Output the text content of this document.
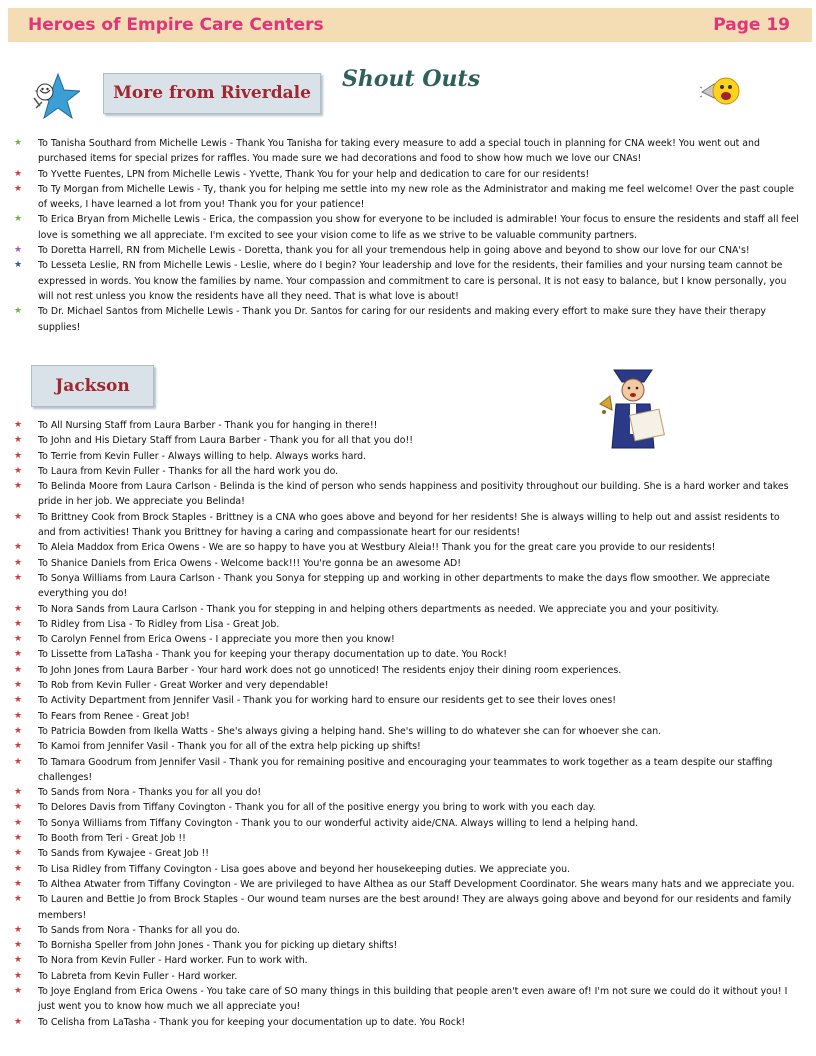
Heroes of Empire Care Centers	Page 19
More from Riverdale
Shout Outs
★ To Tanisha Southard from Michelle Lewis - Thank You Tanisha for taking every measure to add a special touch in planning for CNA week! You went out and purchased items for special prizes for raffles. You made sure we had decorations and food to show how much we love our CNAs!
★ To Yvette Fuentes, LPN from Michelle Lewis - Yvette, Thank You for your help and dedication to care for our residents!
★ To Ty Morgan from Michelle Lewis - Ty, thank you for helping me settle into my new role as the Administrator and making me feel welcome! Over the past couple of weeks, I have learned a lot from you! Thank you for your patience!
★ To Erica Bryan from Michelle Lewis - Erica, the compassion you show for everyone to be included is admirable! Your focus to ensure the residents and staff all feel love is something we all appreciate. I'm excited to see your vision come to life as we strive to be valuable community partners.
★ To Doretta Harrell, RN from Michelle Lewis - Doretta, thank you for all your tremendous help in going above and beyond to show our love for our CNA's!
★ To Lesseta Leslie, RN from Michelle Lewis - Leslie, where do I begin? Your leadership and love for the residents, their families and your nursing team cannot be expressed in words. You know the families by name. Your compassion and commitment to care is personal. It is not easy to balance, but I know personally, you will not rest unless you know the residents have all they need. That is what love is about!
★ To Dr. Michael Santos from Michelle Lewis - Thank you Dr. Santos for caring for our residents and making every effort to make sure they have their therapy supplies!
Jackson
★ To All Nursing Staff from Laura Barber - Thank you for hanging in there!!
★ To John and His Dietary Staff from Laura Barber - Thank you for all that you do!!
★ To Terrie from Kevin Fuller - Always willing to help. Always works hard.
★ To Laura from Kevin Fuller - Thanks for all the hard work you do.
★ To Belinda Moore from Laura Carlson - Belinda is the kind of person who sends happiness and positivity throughout our building. She is a hard worker and takes pride in her job. We appreciate you Belinda!
★ To Brittney Cook from Brock Staples - Brittney is a CNA who goes above and beyond for her residents! She is always willing to help out and assist residents to and from activities! Thank you Brittney for having a caring and compassionate heart for our residents!
★ To Aleia Maddox from Erica Owens - We are so happy to have you at Westbury Aleia!! Thank you for the great care you provide to our residents!
★ To Shanice Daniels from Erica Owens - Welcome back!!! You're gonna be an awesome AD!
★ To Sonya Williams from Laura Carlson - Thank you Sonya for stepping up and working in other departments to make the days flow smoother. We appreciate everything you do!
★ To Nora Sands from Laura Carlson - Thank you for stepping in and helping others departments as needed. We appreciate you and your positivity.
★ To Ridley from Lisa - To Ridley from Lisa - Great Job.
★ To Carolyn Fennel from Erica Owens - I appreciate you more then you know!
★ To Lissette from LaTasha - Thank you for keeping your therapy documentation up to date. You Rock!
★ To John Jones from Laura Barber - Your hard work does not go unnoticed! The residents enjoy their dining room experiences.
★ To Rob from Kevin Fuller - Great Worker and very dependable!
★ To Activity Department from Jennifer Vasil - Thank you for working hard to ensure our residents get to see their loves ones!
★ To Fears from Renee - Great Job!
★ To Patricia Bowden from Ikella Watts - She's always giving a helping hand. She's willing to do whatever she can for whoever she can.
★ To Kamoi from Jennifer Vasil - Thank you for all of the extra help picking up shifts!
★ To Tamara Goodrum from Jennifer Vasil - Thank you for remaining positive and encouraging your teammates to work together as a team despite our staffing challenges!
★ To Sands from Nora - Thanks you for all you do!
★ To Delores Davis from Tiffany Covington - Thank you for all of the positive energy you bring to work with you each day.
★ To Sonya Williams from Tiffany Covington - Thank you to our wonderful activity aide/CNA. Always willing to lend a helping hand.
★ To Booth from Teri - Great Job !!
★ To Sands from Kywajee - Great Job !!
★ To Lisa Ridley from Tiffany Covington - Lisa goes above and beyond her housekeeping duties. We appreciate you.
★ To Althea Atwater from Tiffany Covington - We are privileged to have Althea as our Staff Development Coordinator. She wears many hats and we appreciate you.
★ To Lauren and Bettie Jo from Brock Staples - Our wound team nurses are the best around! They are always going above and beyond for our residents and family members!
★ To Sands from Nora - Thanks for all you do.
★ To Bornisha Speller from John Jones - Thank you for picking up dietary shifts!
★ To Nora from Kevin Fuller - Hard worker. Fun to work with.
★ To Labreta from Kevin Fuller - Hard worker.
★ To Joye England from Erica Owens - You take care of SO many things in this building that people aren't even aware of! I'm not sure we could do it without you! I just went you to know how much we all appreciate you!
★ To Celisha from LaTasha - Thank you for keeping your documentation up to date. You Rock!
